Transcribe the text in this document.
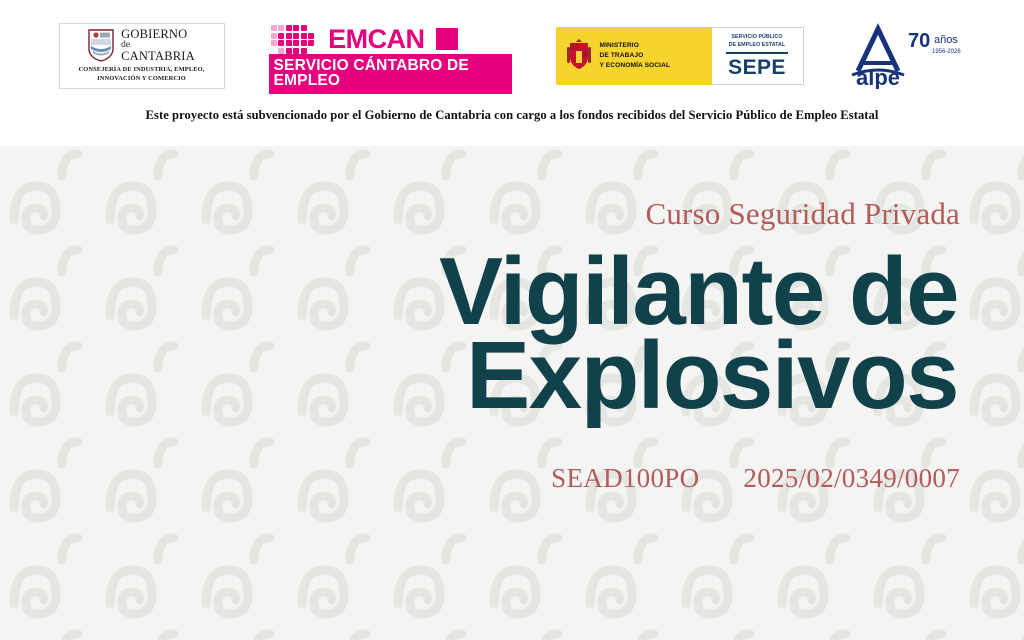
GOBIERNO
de
CANTABRIA
CONSEJERÍA DE INDUSTRIA, EMPLEO,
INNOVACIÓN Y COMERCIO
EMCAN
SERVICIO CÁNTABRO DE EMPLEO
MINISTERIO
DE TRABAJO
Y ECONOMÍA SOCIAL
SERVICIO PÚBLICO
DE EMPLEO ESTATAL
SEPE	alpe
70 años
1956-2026
Este proyecto está subvencionado por el Gobierno de Cantabria con cargo a los fondos recibidos del Servicio Público de Empleo Estatal
Curso Seguridad Privada
Vigilante de
Explosivos
SEAD100PO 2025/02/0349/0007
